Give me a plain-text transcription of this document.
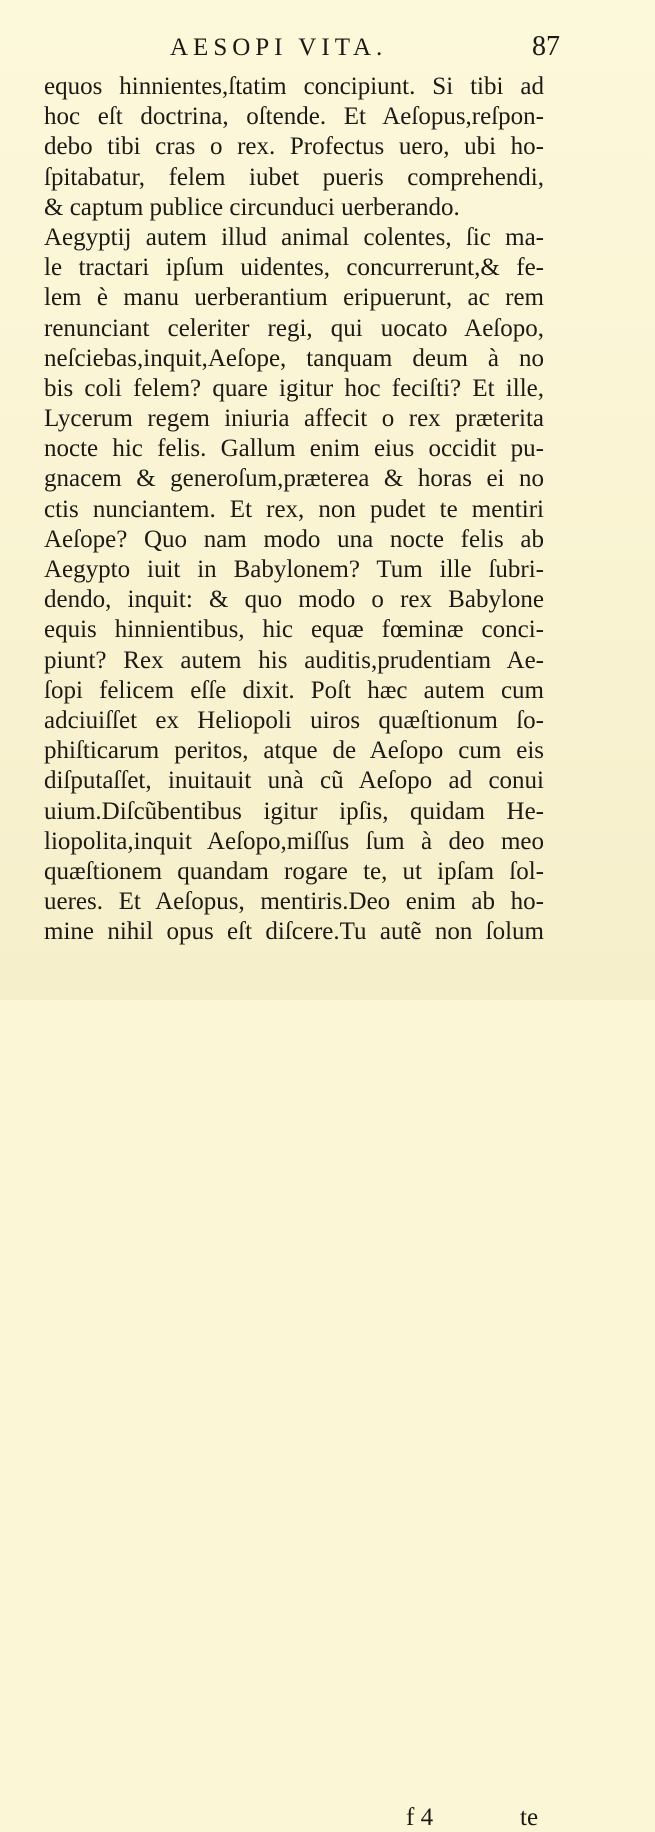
AESOPI VITA.	87
equos hinnientes,ſtatim concipiunt. Si tibi ad
hoc eſt doctrina, oſtende. Et Aeſopus,reſpon-
debo tibi cras o rex. Profectus uero, ubi ho-
ſpitabatur, felem iubet pueris comprehendi,
& captum publice circunduci uerberando.
Aegyptij autem illud animal colentes, ſic ma-
le tractari ipſum uidentes, concurrerunt,& fe-
lem è manu uerberantium eripuerunt, ac rem
renunciant celeriter regi, qui uocato Aeſopo,
neſciebas,inquit,Aeſope, tanquam deum à no
bis coli felem? quare igitur hoc feciſti? Et ille,
Lycerum regem iniuria affecit o rex præterita
nocte hic felis. Gallum enim eius occidit pu-
gnacem & generoſum,præterea & horas ei no
ctis nunciantem. Et rex, non pudet te mentiri
Aeſope? Quo nam modo una nocte felis ab
Aegypto iuit in Babylonem? Tum ille ſubri-
dendo, inquit: & quo modo o rex Babylone
equis hinnientibus, hic equæ fœminæ conci-
piunt? Rex autem his auditis,prudentiam Ae-
ſopi felicem eſſe dixit. Poſt hæc autem cum
adciuiſſet ex Heliopoli uiros quæſtionum ſo-
phiſticarum peritos, atque de Aeſopo cum eis
diſputaſſet, inuitauit unà cũ Aeſopo ad conui
uium.Diſcũbentibus igitur ipſis, quidam He-
liopolita,inquit Aeſopo,miſſus ſum à deo meo
quæſtionem quandam rogare te, ut ipſam ſol-
ueres. Et Aeſopus, mentiris.Deo enim ab ho-
mine nihil opus eſt diſcere.Tu autẽ non ſolum
f 4	te
